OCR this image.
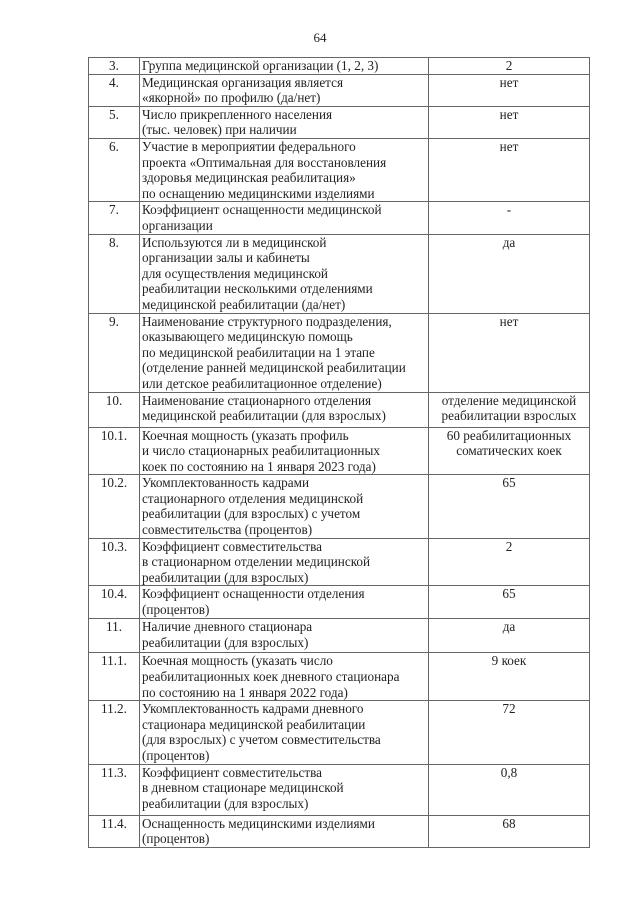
64
3.	Группа медицинской организации (1, 2, 3)	2
4.	Медицинская организация является
«якорной» по профилю (да/нет)	нет
5.	Число прикрепленного населения
(тыс. человек) при наличии	нет
6.	Участие в мероприятии федерального
проекта «Оптимальная для восстановления
здоровья медицинская реабилитация»
по оснащению медицинскими изделиями	нет
7.	Коэффициент оснащенности медицинской
организации	-
8.	Используются ли в медицинской
организации залы и кабинеты
для осуществления медицинской
реабилитации несколькими отделениями
медицинской реабилитации (да/нет)	да
9.	Наименование структурного подразделения,
оказывающего медицинскую помощь
по медицинской реабилитации на 1 этапе
(отделение ранней медицинской реабилитации
или детское реабилитационное отделение)	нет
10.	Наименование стационарного отделения
медицинской реабилитации (для взрослых)	отделение медицинской
реабилитации взрослых
10.1.	Коечная мощность (указать профиль
и число стационарных реабилитационных
коек по состоянию на 1 января 2023 года)	60 реабилитационных
соматических коек
10.2.	Укомплектованность кадрами
стационарного отделения медицинской
реабилитации (для взрослых) с учетом
совместительства (процентов)	65
10.3.	Коэффициент совместительства
в стационарном отделении медицинской
реабилитации (для взрослых)	2
10.4.	Коэффициент оснащенности отделения
(процентов)	65
11.	Наличие дневного стационара
реабилитации (для взрослых)	да
11.1.	Коечная мощность (указать число
реабилитационных коек дневного стационара
по состоянию на 1 января 2022 года)	9 коек
11.2.	Укомплектованность кадрами дневного
стационара медицинской реабилитации
(для взрослых) с учетом совместительства
(процентов)	72
11.3.	Коэффициент совместительства
в дневном стационаре медицинской
реабилитации (для взрослых)	0,8
11.4.	Оснащенность медицинскими изделиями
(процентов)	68
